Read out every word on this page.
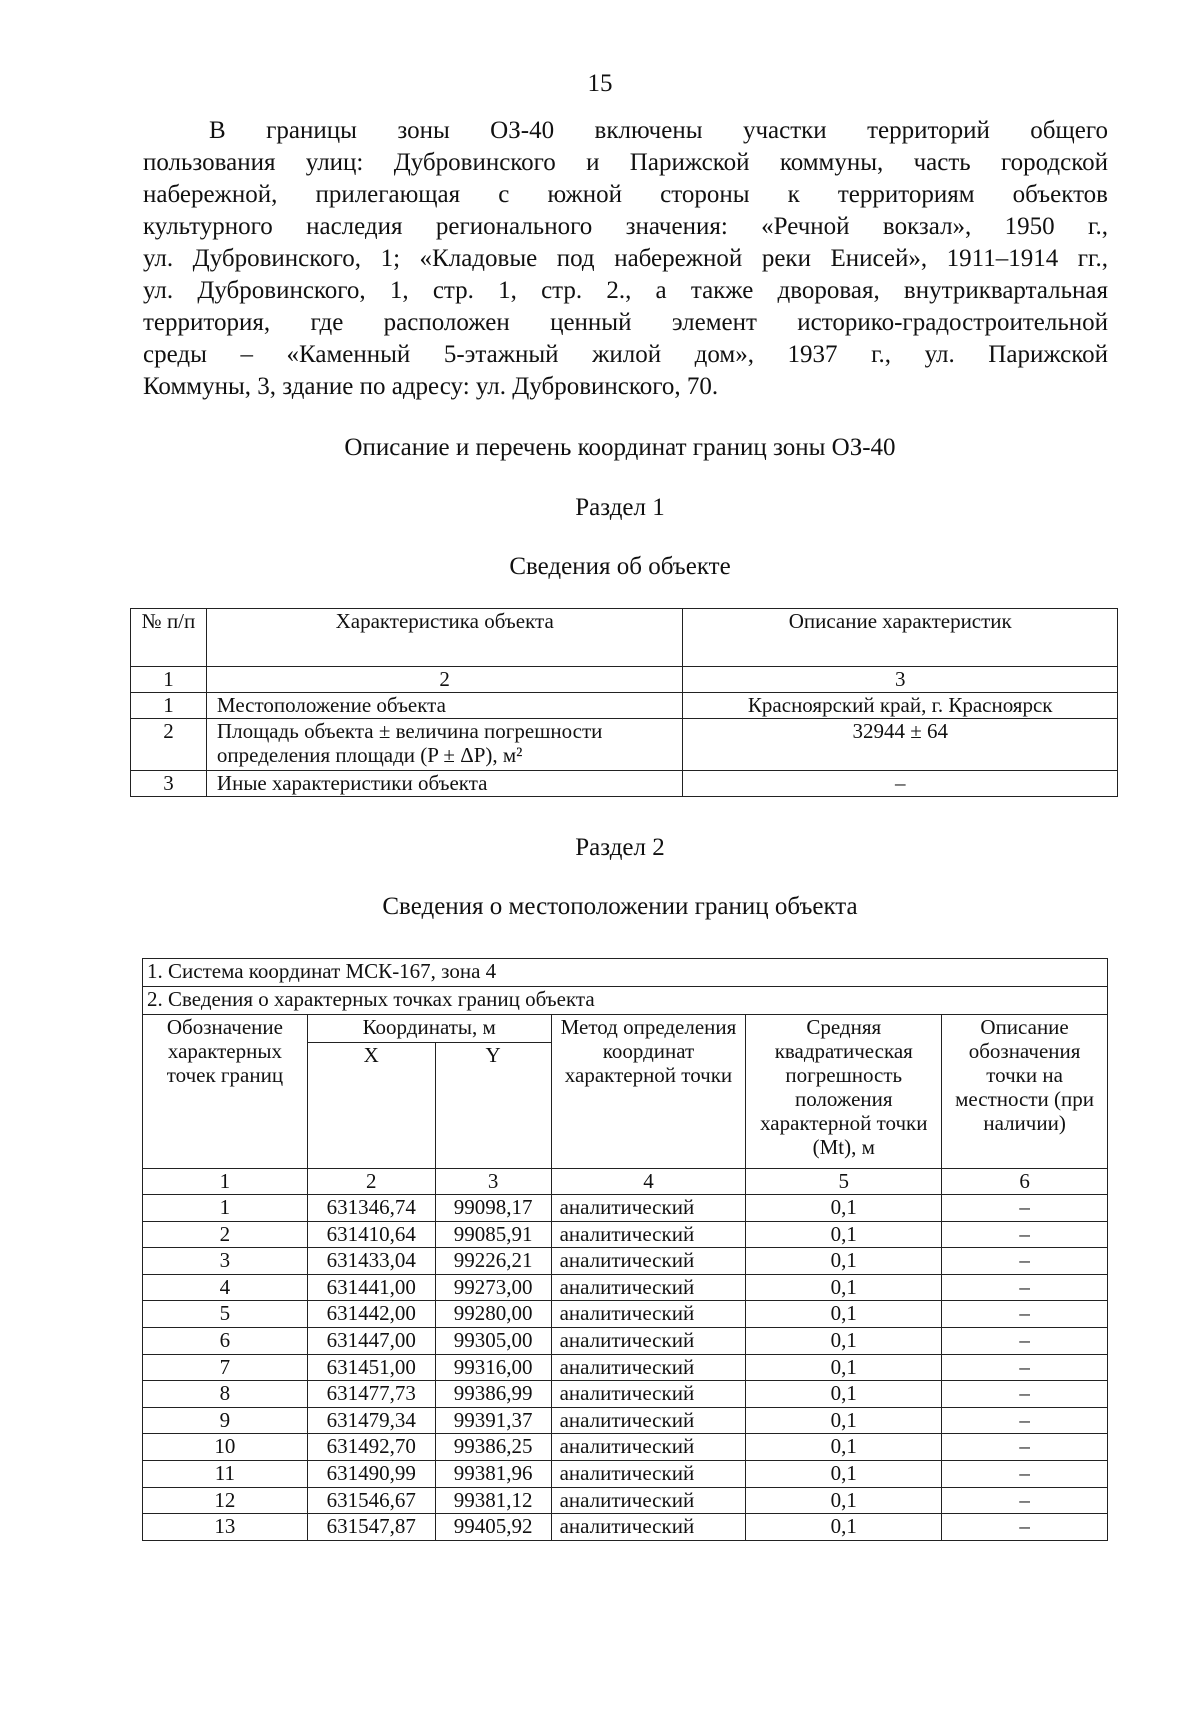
15
В границы зоны ОЗ-40 включены участки территорий общего
пользования улиц: Дубровинского и Парижской коммуны, часть городской
набережной, прилегающая с южной стороны к территориям объектов
культурного наследия регионального значения: «Речной вокзал», 1950 г.,
ул. Дубровинского, 1; «Кладовые под набережной реки Енисей», 1911–1914 гг.,
ул. Дубровинского, 1, стр. 1, стр. 2., а также дворовая, внутриквартальная
территория, где расположен ценный элемент историко-градостроительной
среды – «Каменный 5-этажный жилой дом», 1937 г., ул. Парижской
Коммуны, 3, здание по адресу: ул. Дубровинского, 70.
Описание и перечень координат границ зоны ОЗ-40
Раздел 1
Сведения об объекте
№ п/п	Характеристика объекта	Описание характеристик
1	2	3
1	Местоположение объекта	Красноярский край, г. Красноярск
2	Площадь объекта ± величина погрешности определения площади (P ± ΔP), м²	32944 ± 64
3	Иные характеристики объекта	–
Раздел 2
Сведения о местоположении границ объекта
1. Система координат МСК-167, зона 4					
2. Сведения о характерных точках границ объекта					
Обозначение характерных точек границ	Координаты, м		Метод определения координат характерной точки	Средняя квадратическая погрешность положения характерной точки (Mt), м	Описание обозначения точки на местности (при наличии)
	X	Y			
1	2	3	4	5	6
1	631346,74	99098,17	аналитический	0,1	–
2	631410,64	99085,91	аналитический	0,1	–
3	631433,04	99226,21	аналитический	0,1	–
4	631441,00	99273,00	аналитический	0,1	–
5	631442,00	99280,00	аналитический	0,1	–
6	631447,00	99305,00	аналитический	0,1	–
7	631451,00	99316,00	аналитический	0,1	–
8	631477,73	99386,99	аналитический	0,1	–
9	631479,34	99391,37	аналитический	0,1	–
10	631492,70	99386,25	аналитический	0,1	–
11	631490,99	99381,96	аналитический	0,1	–
12	631546,67	99381,12	аналитический	0,1	–
13	631547,87	99405,92	аналитический	0,1	–
